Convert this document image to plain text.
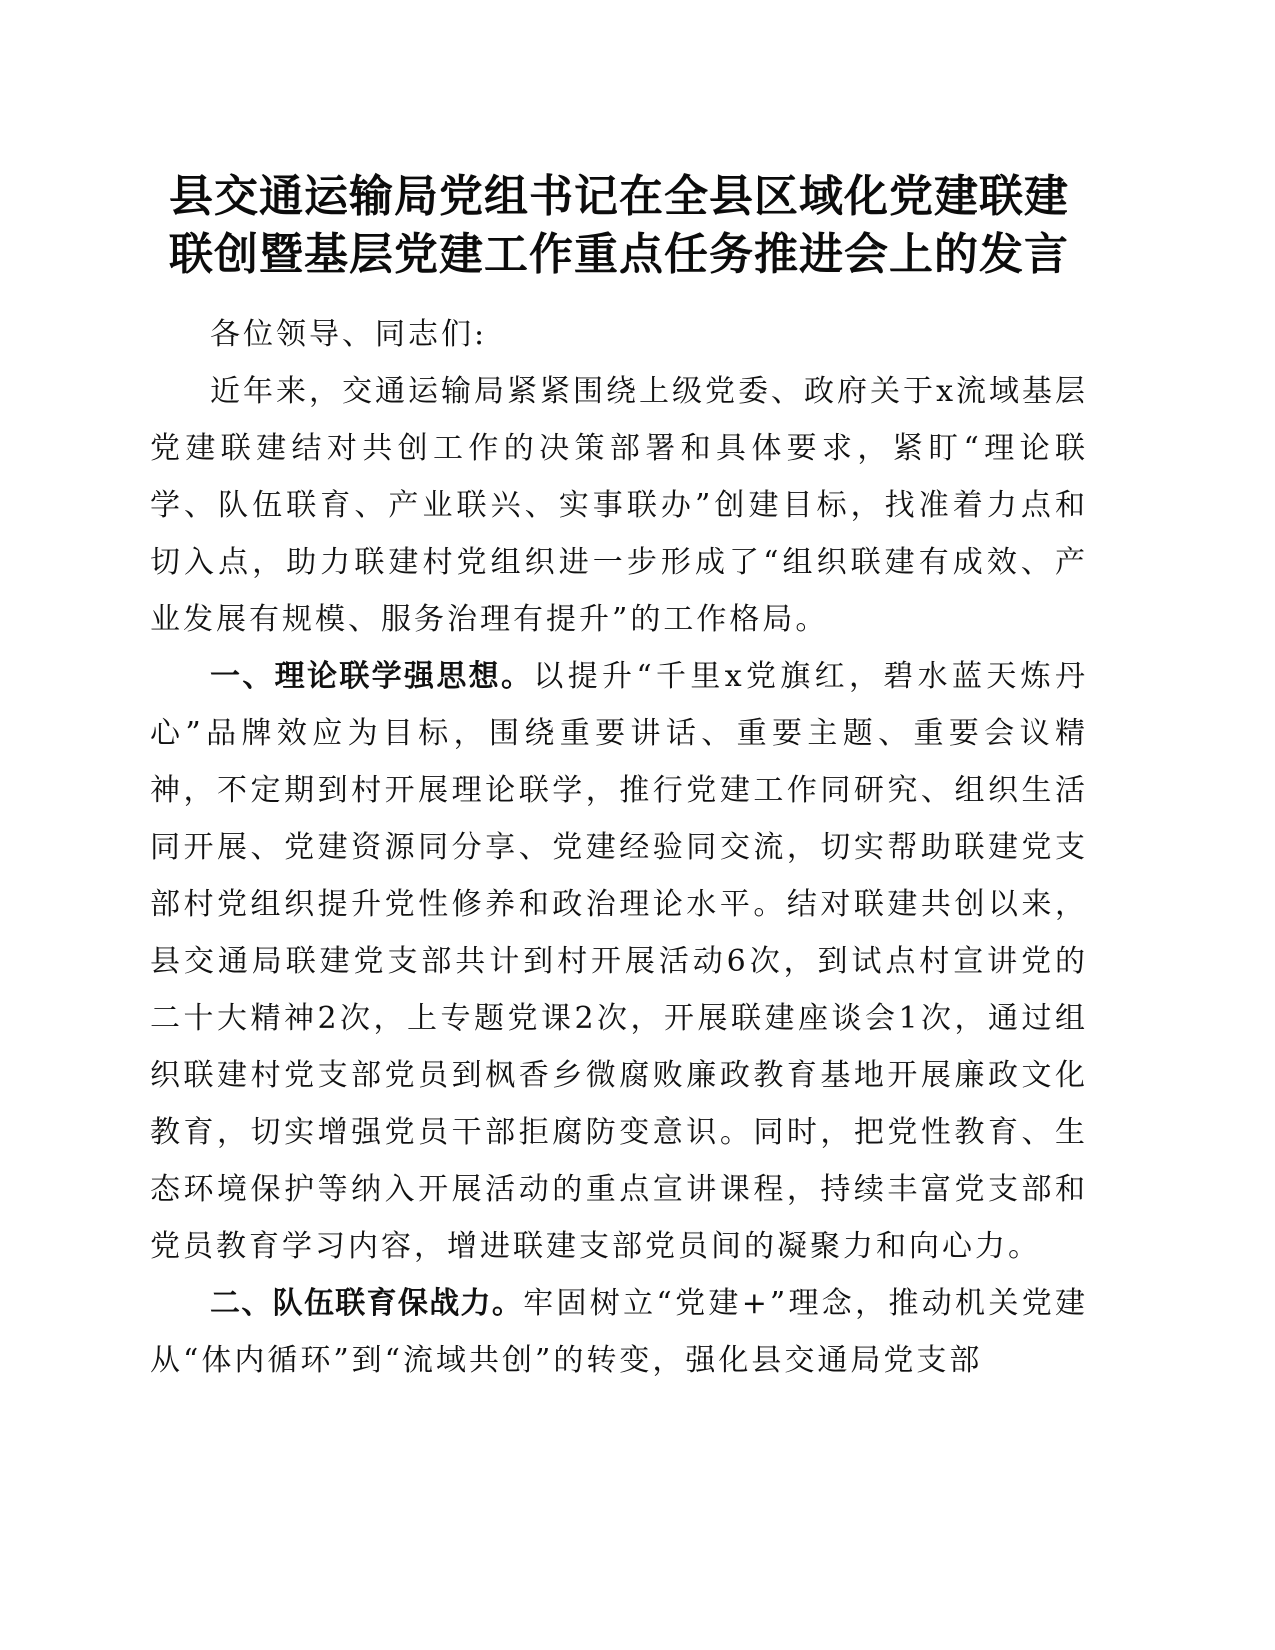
县交通运输局党组书记在全县区域化党建联建
联创暨基层党建工作重点任务推进会上的发言

各位领导、同志们:

近年来，交通运输局紧紧围绕上级党委、政府关于x流域基层党建联建结对共创工作的决策部署和具体要求，紧盯“理论联学、队伍联育、产业联兴、实事联办”创建目标，找准着力点和切入点，助力联建村党组织进一步形成了“组织联建有成效、产业发展有规模、服务治理有提升”的工作格局。

一、理论联学强思想。以提升“千里x党旗红，碧水蓝天炼丹心”品牌效应为目标，围绕重要讲话、重要主题、重要会议精神，不定期到村开展理论联学，推行党建工作同研究、组织生活同开展、党建资源同分享、党建经验同交流，切实帮助联建党支部村党组织提升党性修养和政治理论水平。结对联建共创以来，县交通局联建党支部共计到村开展活动6次，到试点村宣讲党的二十大精神2次，上专题党课2次，开展联建座谈会1次，通过组织联建村党支部党员到枫香乡微腐败廉政教育基地开展廉政文化教育，切实增强党员干部拒腐防变意识。同时，把党性教育、生态环境保护等纳入开展活动的重点宣讲课程，持续丰富党支部和党员教育学习内容，增进联建支部党员间的凝聚力和向心力。

二、队伍联育保战力。牢固树立“党建+”理念，推动机关党建从“体内循环”到“流域共创”的转变，强化县交通局党支部
